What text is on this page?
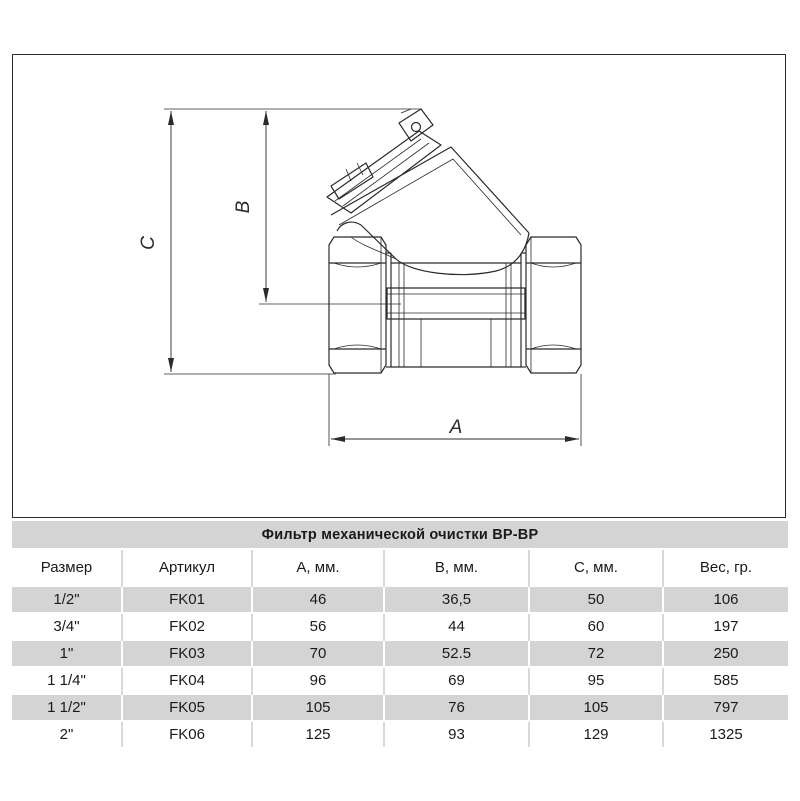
A
B
C
Фильтр механической очистки ВР-ВР					
Размер	Артикул	А, мм.	В, мм.	С, мм.	Вес, гр.
1/2"	FK01	46	36,5	50	106
3/4"	FK02	56	44	60	197
1"	FK03	70	52.5	72	250
1 1/4"	FK04	96	69	95	585
1 1/2"	FK05	105	76	105	797
2"	FK06	125	93	129	1325
